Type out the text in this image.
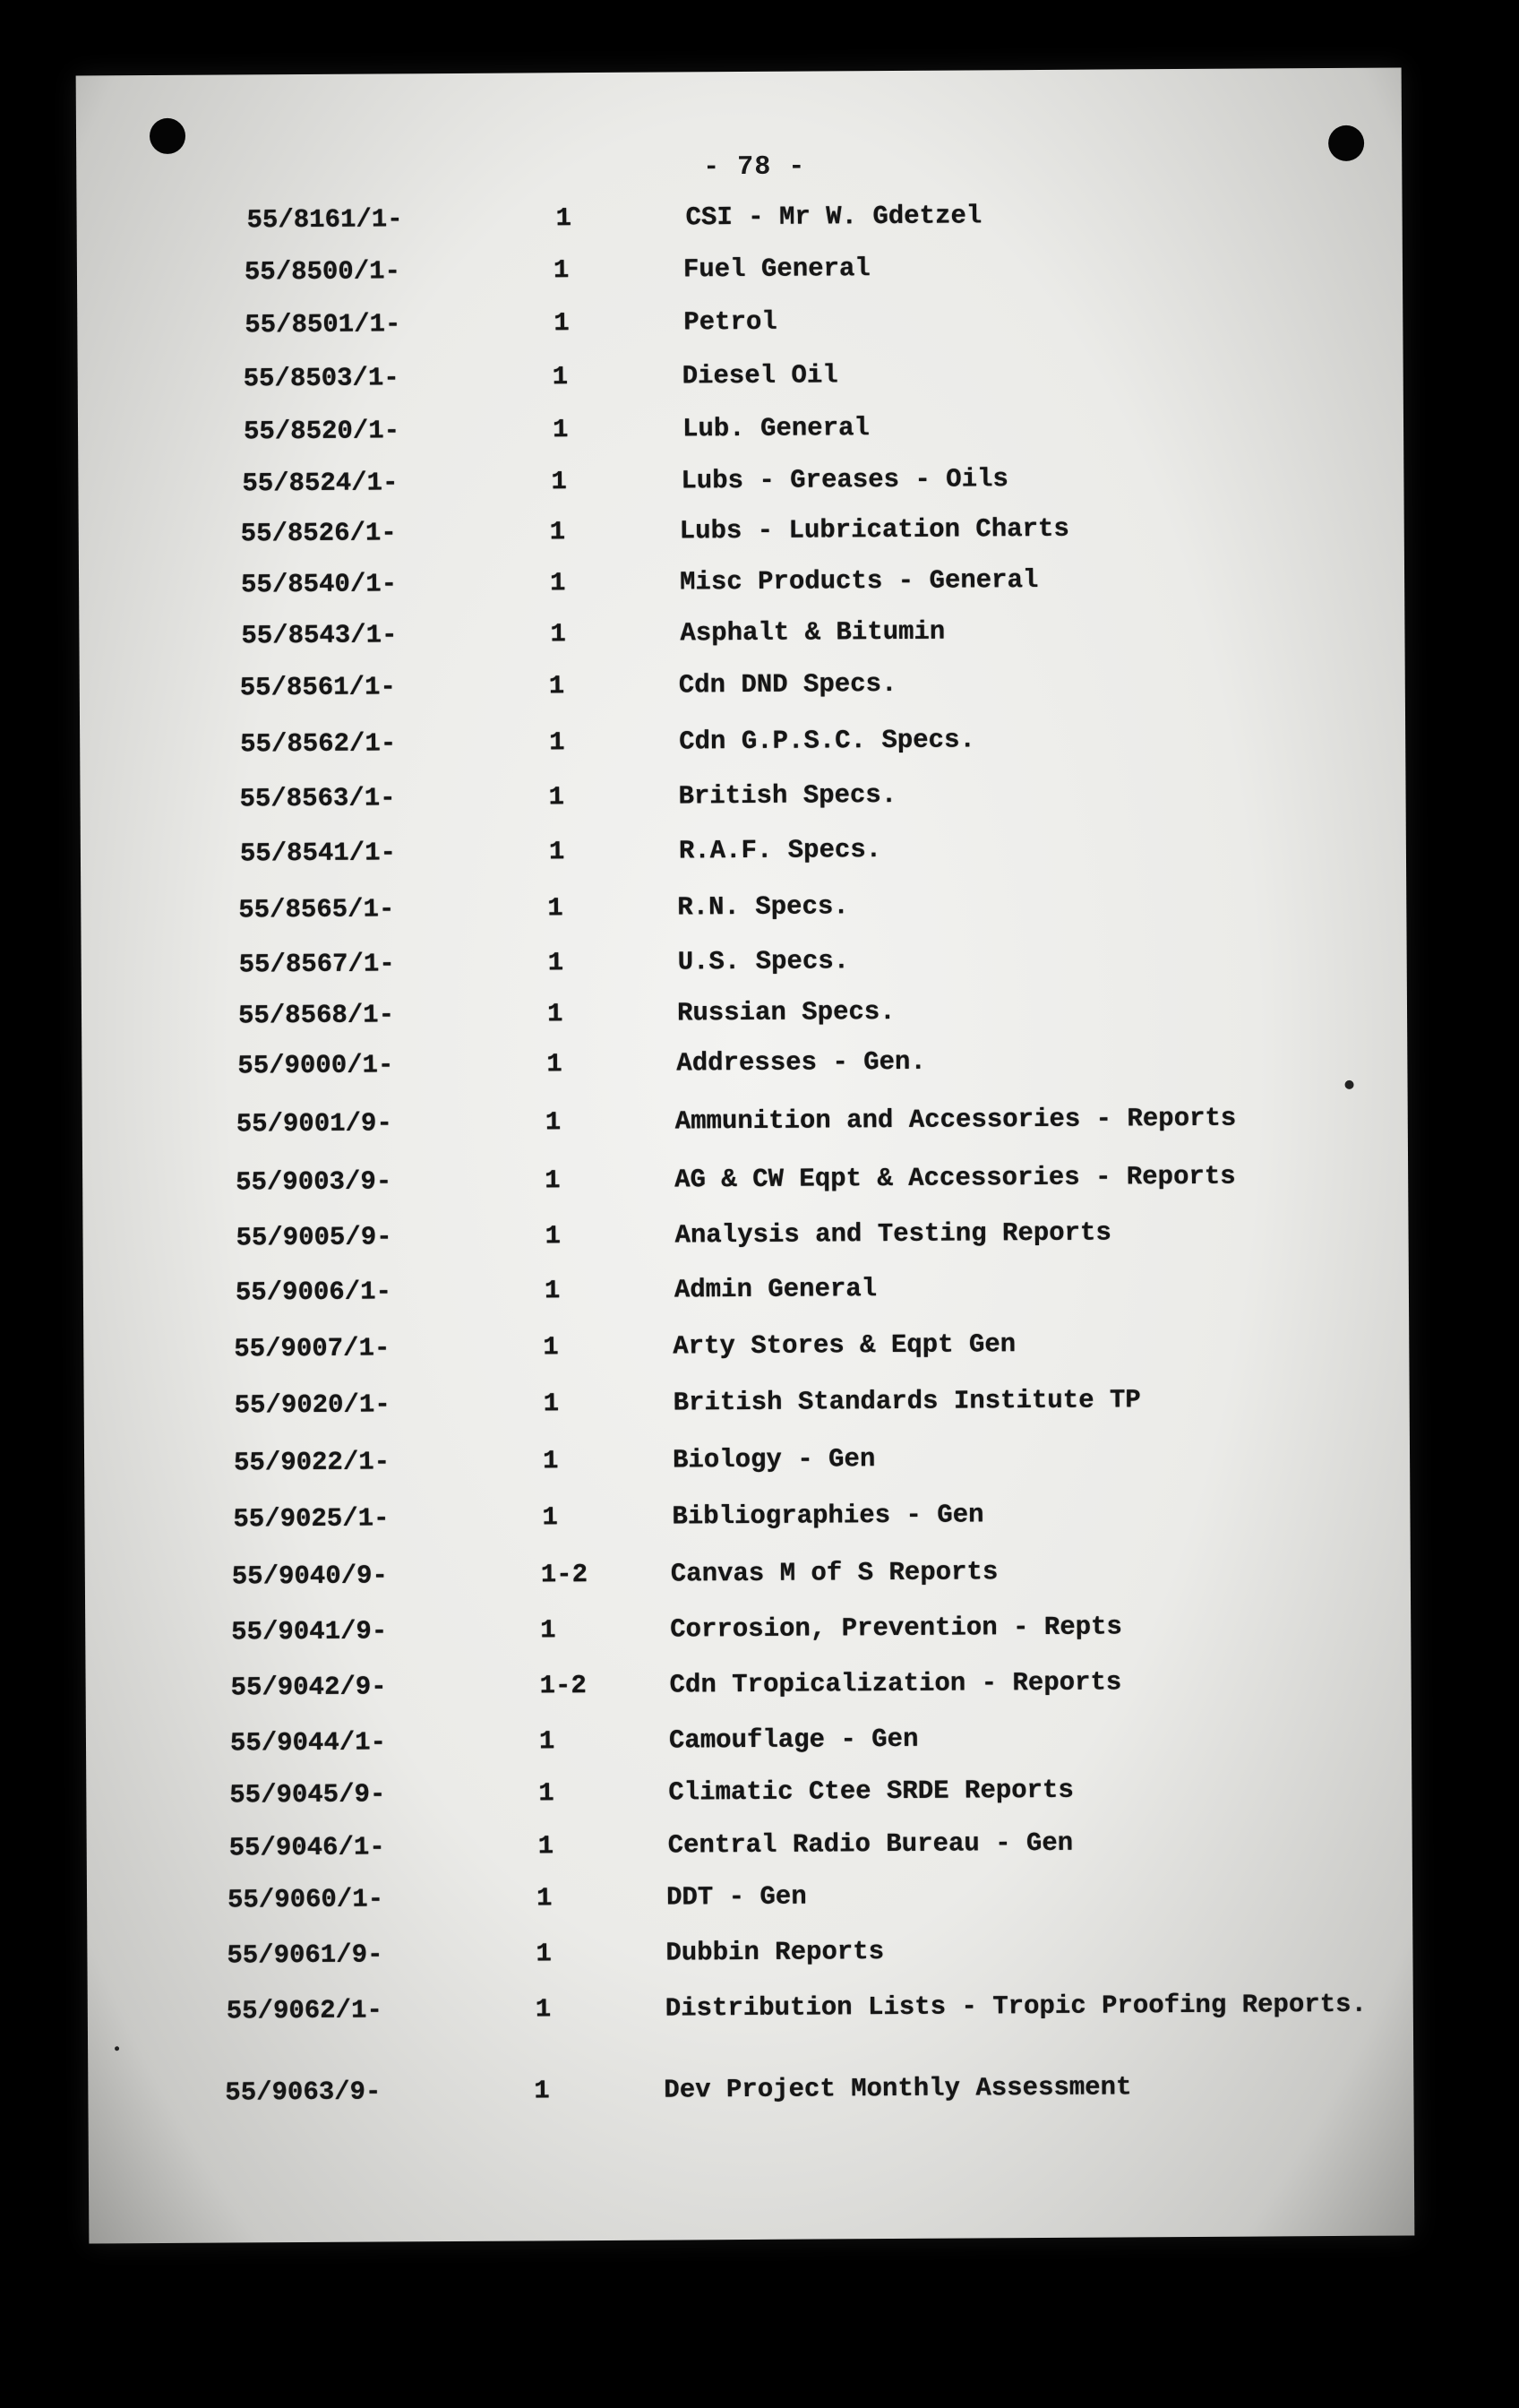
- 78 -
55/8161/1-	1	CSI - Mr W. Gdetzel
55/8500/1-	1	Fuel General
55/8501/1-	1	Petrol
55/8503/1-	1	Diesel Oil
55/8520/1-	1	Lub. General
55/8524/1-	1	Lubs - Greases - Oils
55/8526/1-	1	Lubs - Lubrication Charts
55/8540/1-	1	Misc Products - General
55/8543/1-	1	Asphalt & Bitumin
55/8561/1-	1	Cdn DND Specs.
55/8562/1-	1	Cdn G.P.S.C. Specs.
55/8563/1-	1	British Specs.
55/8541/1-	1	R.A.F. Specs.
55/8565/1-	1	R.N. Specs.
55/8567/1-	1	U.S. Specs.
55/8568/1-	1	Russian Specs.
55/9000/1-	1	Addresses - Gen.
55/9001/9-	1	Ammunition and Accessories - Reports
55/9003/9-	1	AG & CW Eqpt & Accessories - Reports
55/9005/9-	1	Analysis and Testing Reports
55/9006/1-	1	Admin General
55/9007/1-	1	Arty Stores & Eqpt Gen
55/9020/1-	1	British Standards Institute TP
55/9022/1-	1	Biology - Gen
55/9025/1-	1	Bibliographies - Gen
55/9040/9-	1-2	Canvas M of S Reports
55/9041/9-	1	Corrosion, Prevention - Repts
55/9042/9-	1-2	Cdn Tropicalization - Reports
55/9044/1-	1	Camouflage - Gen
55/9045/9-	1	Climatic Ctee SRDE Reports
55/9046/1-	1	Central Radio Bureau - Gen
55/9060/1-	1	DDT - Gen
55/9061/9-	1	Dubbin Reports
55/9062/1-	1	Distribution Lists - Tropic Proofing Reports.
55/9063/9-	1	Dev Project Monthly Assessment
